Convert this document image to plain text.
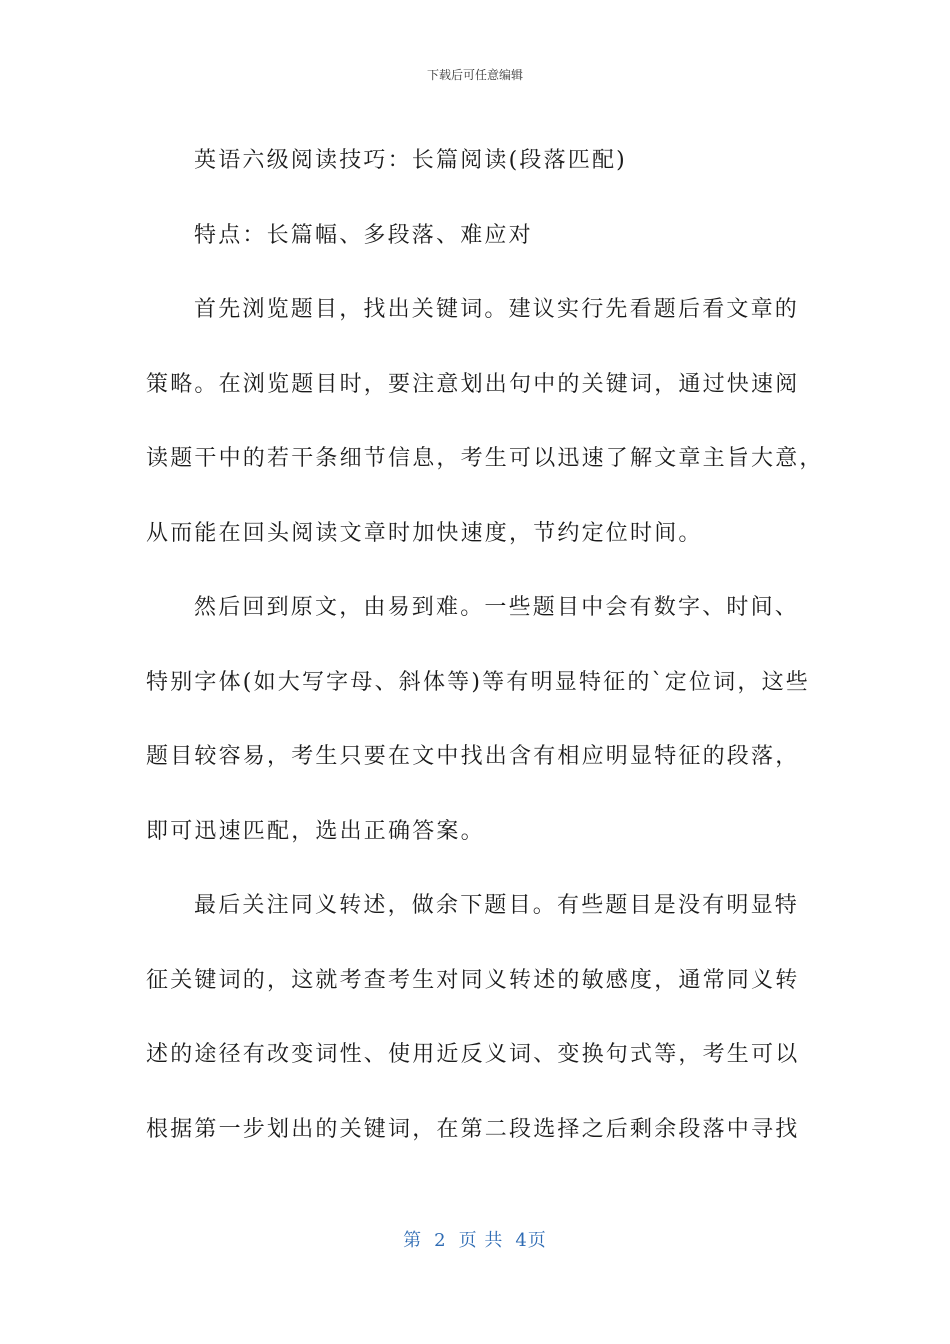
下载后可任意编辑

英语六级阅读技巧：长篇阅读(段落匹配)

特点：长篇幅、多段落、难应对

首先浏览题目，找出关键词。建议实行先看题后看文章的
策略。在浏览题目时，要注意划出句中的关键词，通过快速阅
读题干中的若干条细节信息，考生可以迅速了解文章主旨大意，
从而能在回头阅读文章时加快速度，节约定位时间。

然后回到原文，由易到难。一些题目中会有数字、时间、
特别字体(如大写字母、斜体等)等有明显特征的`定位词，这些
题目较容易，考生只要在文中找出含有相应明显特征的段落，
即可迅速匹配，选出正确答案。

最后关注同义转述，做余下题目。有些题目是没有明显特
征关键词的，这就考查考生对同义转述的敏感度，通常同义转
述的途径有改变词性、使用近反义词、变换句式等，考生可以
根据第一步划出的关键词，在第二段选择之后剩余段落中寻找

第 2 页 共 4页
